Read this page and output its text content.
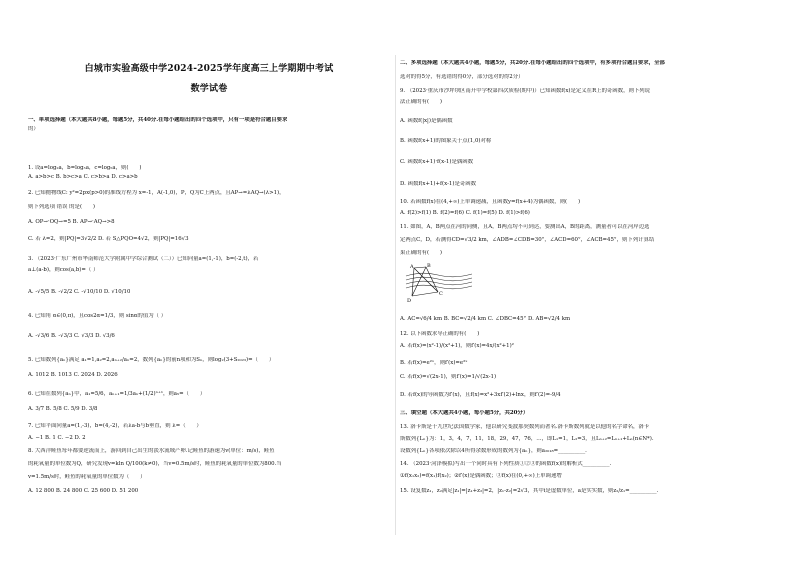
白城市实验高级中学2024-2025学年度高三上学期期中考试
数学试卷
一、单项选择题（本大题共8小题，每题5分，共40分.在每小题给出的四个选项中，只有一项是符合题目要求
的）
1. 设a=log₂a，b=log₃a，c=log₅a，则(　　)
A. a>b>c B. b>c>a C. c>b>a D. c>a>b
2. 已知抛物线C: y²=2px(p>0)的准线方程为 x=-1，A(-1,0)，P，Q为C上两点，且AP→=λAQ→(λ>1)，
则下列选项 错误 的是(　　)
A. OP→·OQ→=5 B. AP→·AQ→>8
C. 若 λ=2，则|PQ|=3√2/2 D. 若 S△PQO=4√2，则|PQ|=16√3
3. （2023·广东广州市华南师范大学附属中学综合测试（二））已知向量a=(1,-1)，b=(-2,t)，若
a⊥(a-b)，则cos⟨a,b⟩=（ ）
A. -√5/5 B. -√2/2 C. -√10/10 D. √10/10
4. 已知角 α∈(0,π)，且cos2α=1/3，则 sinα的值为（ ）
A. -√3/6 B. -√3/3 C. √3/3 D. √3/6
5. 已知数列{aₙ}满足 a₁=1,a₂=2,aₙ₊₂/aₙ=2，数列{aₙ}的前n项和为Sₙ，则log₂(3+S₂₀₂₃)=（　　）
A. 1012 B. 1013 C. 2024 D. 2026
6. 已知在数列{aₙ}中，a₁=5/6，aₙ₊₁=1/3aₙ+(1/2)ⁿ⁺¹，则a₅=（　　）
A. 3/7 B. 5/8 C. 5/9 D. 3/8
7. 已知平面向量a=(1,-3)，b=(4,-2)，若λa-b与b垂直，则 λ=（　　）
A. −1 B. 1 C. −2 D. 2
8. 大西洋鲑鱼每年都要逆流而上，游回到自己出生的淡水流域产卵.记鲑鱼的游速为v(单位：m/s)，鲑鱼
的耗氧量的单位数为Q，研究发现v=kln Q/100(k≠0)，当v=0.5m/s时，鲑鱼的耗氧量的单位数为800.当
v=1.5m/s时，鲑鱼的耗氧量的单位数为（　　）
A. 12 800 B. 24 800 C. 25 600 D. 51 200
二、多项选择题（本大题共4小题，每题5分，共20分.在每小题给出的四个选项中，有多项符合题目要求，全部
选对的得5分，有选错的得0分，部分选对的得2分）
9. （2023·重庆市沙坪坝区南开中学校第四次质检(期中)）已知函数f(x)是定义在R上的奇函数，则下列说
法正确的有(　　)
A. 函数f(|x|)是偶函数
B. 函数f(x+1)的图象关于点(1,0)对称
C. 函数f(x+1)·f(x-1)是偶函数
D. 函数f(x+1)+f(x-1)是奇函数
10. 若函数f(x)在(4,+∞)上单调递减，且函数y=f(x+4)为偶函数，则(　　)
A. f(2)>f(1) B. f(2)=f(6) C. f(1)=f(5) D. f(1)>f(6)
11. 如图，A，B两点在河的同侧，且A，B两点均不可到达，要测出A，B的距离，测量者可以在河岸边选
定两点C，D，若测得CD=√3/2 km，∠ADB=∠CDB=30°，∠ACD=60°，∠ACB=45°，则下列计算结
果正确的有(　　)
A	B
C
D
A. AC=√6/4 km B. BC=√2/4 km C. ∠DBC=45° D. AB=√2/4 km
12. 以下函数求导正确的有(　　)
A. 若f(x)=(x²-1)/(x²+1)，则f′(x)=4x/(x²+1)²
B. 若f(x)=e²ˣ，则f′(x)=e²ˣ
C. 若f(x)=√(2x-1)，则f′(x)=1/√(2x-1)
D. 若f(x)的导函数为f′(x)，且f(x)=x²+3xf′(2)+lnx，则f′(2)=-9/4
三、填空题（本大题共4小题，每小题5分，共20分）
13. 洛卡斯是十九世纪法国数学家，他以研究斐波那契数列而著名.洛卡斯数列就是以他的名字命名，洛卡
斯数列{Lₙ}为：1，3，4，7，11，18，29，47，76，…，即L₁=1，L₂=3，且Lₙ₊₂=Lₙ₊₁+Lₙ(n∈N*).
设数列{Lₙ}各项依次除以4所得余数形成的数列为{aₙ}，则a₂₀₁₈=__________.
14. （2023·菏泽模拟)写出一个同时具有下列性质①②③的函数f(x)的解析式__________.
①f(x₁x₂)=f(x₁)f(x₂)；②f′(x)是偶函数；③f(x)在(0,+∞)上单调递增
15. 设复数z₁，z₂满足|z₁|=|z₁+z₂|=2，|z₁-z₂|=2√3，其中i是虚数单位，a是实实数，则z₂/z₁=__________.
